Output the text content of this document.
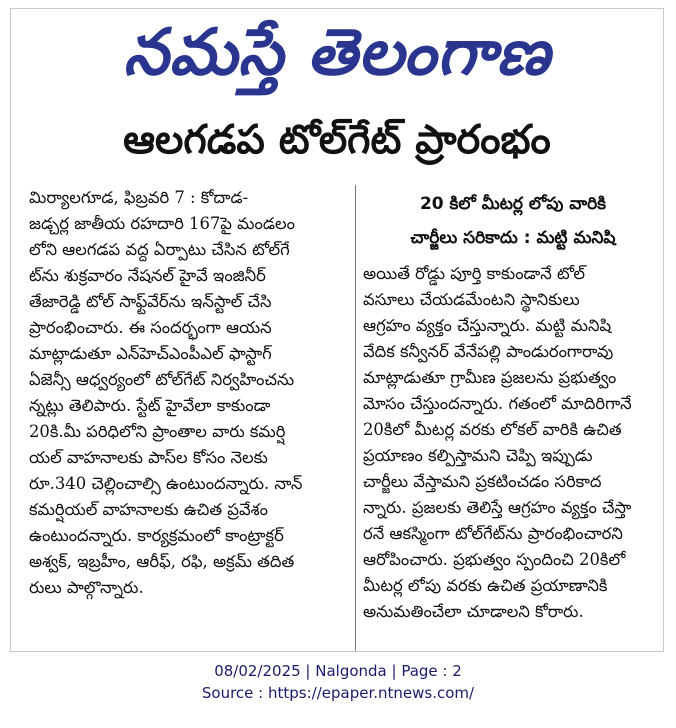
నమస్తే తెలంగాణ
ఆలగడప టోల్‌గేట్ ప్రారంభం
మిర్యాలగూడ, ఫిబ్రవరి 7 : కోదాడ-
జడ్చర్ల జాతీయ రహదారి 167పై మండలం
లోని ఆలగడప వద్ద ఏర్పాటు చేసిన టోల్‌గే
ట్‌ను శుక్రవారం నేషనల్ హైవే ఇంజినీర్
తేజారెడ్డి టోల్ సాఫ్ట్‌వేర్‌ను ఇన్‌స్టాల్ చేసి
ప్రారంభించారు. ఈ సందర్భంగా ఆయన
మాట్లాడుతూ ఎన్‌హెచ్‌ఎంపీఎల్ ఫాస్టాగ్
ఏజెన్సీ ఆధ్వర్యంలో టోల్‌గేట్ నిర్వహించను
న్నట్లు తెలిపారు. స్టేట్ హైవేలా కాకుండా
20కి.మీ పరిధిలోని ప్రాంతాల వారు కమర్షి
యల్ వాహనాలకు పాస్‌ల కోసం నెలకు
రూ.340 చెల్లించాల్సి ఉంటుందన్నారు. నాన్
కమర్షియల్ వాహనాలకు ఉచిత ప్రవేశం
ఉంటుందన్నారు. కార్యక్రమంలో కాంట్రాక్టర్
అశ్వక్, ఇబ్రహీం, ఆరీఫ్, రఫి, అక్రమ్ తదిత
రులు పాల్గొన్నారు.
20 కిలో మీటర్ల లోపు వారికి
చార్జీలు సరికాదు : మట్టి మనిషి
అయితే రోడ్డు పూర్తి కాకుండానే టోల్
వసూలు చేయడమేంటని స్థానికులు
ఆగ్రహం వ్యక్తం చేస్తున్నారు. మట్టి మనిషి
వేదిక కన్వీనర్ వేనేపల్లి పాండురంగారావు
మాట్లాడుతూ గ్రామీణ ప్రజలను ప్రభుత్వం
మోసం చేస్తుందన్నారు. గతంలో మాదిరిగానే
20కిలో మీటర్ల వరకు లోకల్ వారికి ఉచిత
ప్రయాణం కల్పిస్తామని చెప్పి ఇప్పుడు
చార్జీలు వేస్తామని ప్రకటించడం సరికాద
న్నారు. ప్రజలకు తెలిస్తే ఆగ్రహం వ్యక్తం చేస్తా
రనే ఆకస్మింగా టోల్‌గేట్‌ను ప్రారంభించారని
ఆరోపించారు. ప్రభుత్వం స్పందించి 20కిలో
మీటర్ల లోపు వరకు ఉచిత ప్రయాణానికి
అనుమతించేలా చూడాలని కోరారు.
08/02/2025 | Nalgonda | Page : 2
Source : https://epaper.ntnews.com/
